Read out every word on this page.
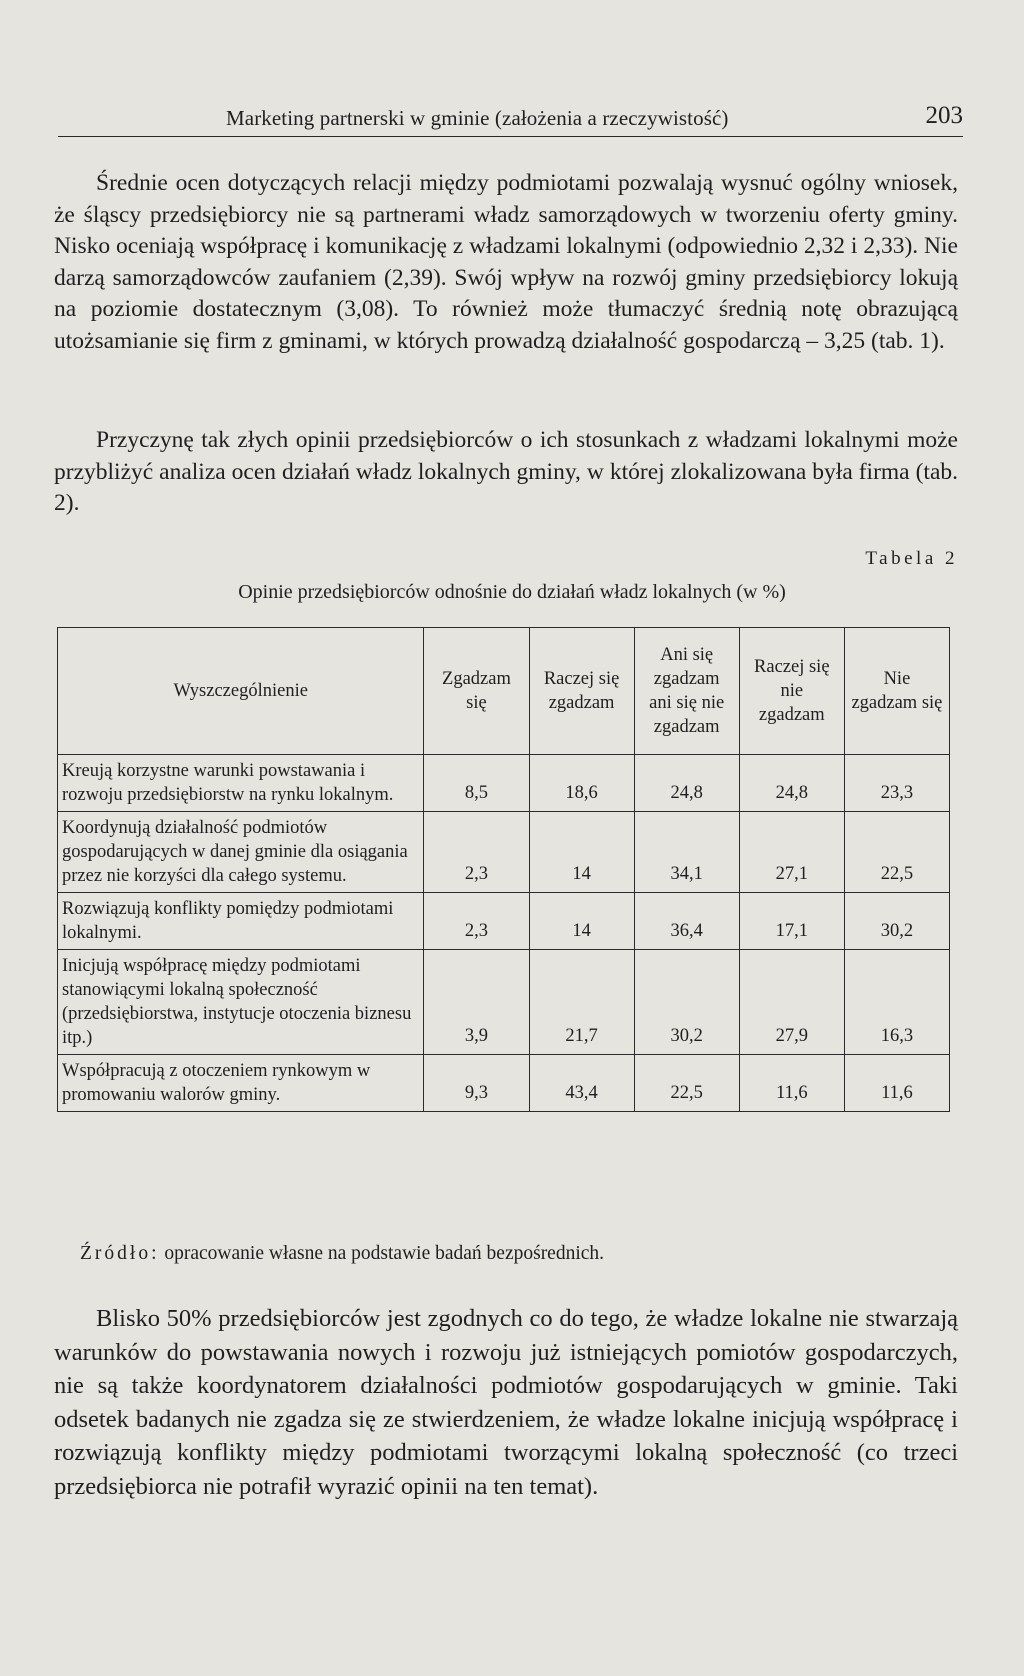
Marketing partnerski w gminie (założenia a rzeczywistość)	203

Średnie ocen dotyczących relacji między podmiotami pozwalają wysnuć ogólny wniosek, że śląscy przedsiębiorcy nie są partnerami władz samorządowych w tworzeniu oferty gminy. Nisko oceniają współpracę i komunikację z władzami lokalnymi (odpowiednio 2,32 i 2,33). Nie darzą samorządowców zaufaniem (2,39). Swój wpływ na rozwój gminy przedsiębiorcy lokują na poziomie dostatecznym (3,08). To również może tłumaczyć średnią notę obrazującą utożsamianie się firm z gminami, w których prowadzą działalność gospodarczą – 3,25 (tab. 1).

Przyczynę tak złych opinii przedsiębiorców o ich stosunkach z władzami lokalnymi może przybliżyć analiza ocen działań władz lokalnych gminy, w której zlokalizowana była firma (tab. 2).

Tabela 2
Opinie przedsiębiorców odnośnie do działań władz lokalnych (w %)
Wyszczególnienie	Zgadzam się	Raczej się zgadzam	Ani się zgadzam ani się nie zgadzam	Raczej się nie zgadzam	Nie zgadzam się
Kreują korzystne warunki powstawania i rozwoju przedsiębiorstw na rynku lokalnym.	8,5	18,6	24,8	24,8	23,3
Koordynują działalność podmiotów gospodarujących w danej gminie dla osiągania przez nie korzyści dla całego systemu.	2,3	14	34,1	27,1	22,5
Rozwiązują konflikty pomiędzy podmiotami lokalnymi.	2,3	14	36,4	17,1	30,2
Inicjują współpracę między podmiotami stanowiącymi lokalną społeczność (przedsiębiorstwa, instytucje otoczenia biznesu itp.)	3,9	21,7	30,2	27,9	16,3
Współpracują z otoczeniem rynkowym w promowaniu walorów gminy.	9,3	43,4	22,5	11,6	11,6
Źródło: opracowanie własne na podstawie badań bezpośrednich.

Blisko 50% przedsiębiorców jest zgodnych co do tego, że władze lokalne nie stwarzają warunków do powstawania nowych i rozwoju już istniejących pomiotów gospodarczych, nie są także koordynatorem działalności podmiotów gospodarujących w gminie. Taki odsetek badanych nie zgadza się ze stwierdzeniem, że władze lokalne inicjują współpracę i rozwiązują konflikty między podmiotami tworzącymi lokalną społeczność (co trzeci przedsiębiorca nie potrafił wyrazić opinii na ten temat).
